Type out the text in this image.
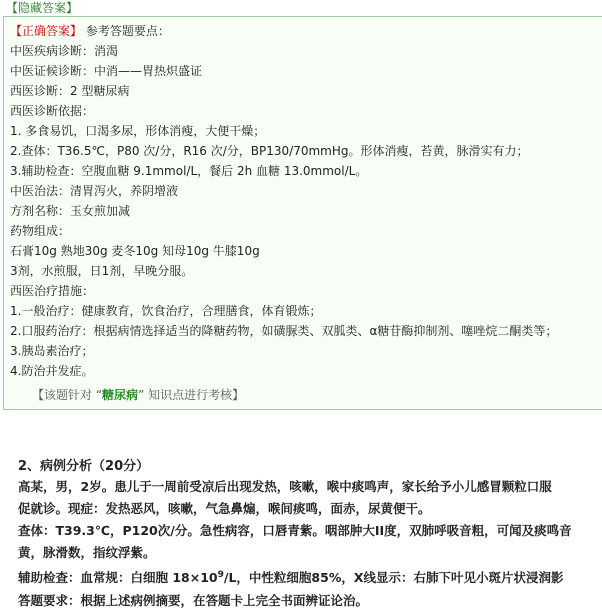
【隐藏答案】
【正确答案】 参考答题要点：
中医疾病诊断：消渴
中医证候诊断：中消——胃热炽盛证
西医诊断：2 型糖尿病
西医诊断依据：
1. 多食易饥，口渴多尿，形体消瘦，大便干燥；
2.查体：T36.5℃，P80 次/分，R16 次/分，BP130/70mmHg。形体消瘦，苔黄，脉滑实有力；
3.辅助检查：空腹血糖 9.1mmol/L，餐后 2h 血糖 13.0mmol/L。
中医治法：清胃泻火，养阴增液
方剂名称：玉女煎加减
药物组成：
石膏10g 熟地30g 麦冬10g 知母10g 牛膝10g
3剂，水煎服，日1剂，早晚分服。
西医治疗措施：
1.一般治疗：健康教育，饮食治疗，合理膳食，体育锻炼；
2.口服药治疗：根据病情选择适当的降糖药物，如磺脲类、双胍类、α糖苷酶抑制剂、噻唑烷二酮类等；
3.胰岛素治疗；
4.防治并发症。
【该题针对 “糖尿病” 知识点进行考核】
2、病例分析（20分）
高某，男，2岁。患儿于一周前受凉后出现发热，咳嗽，喉中痰鸣声，家长给予小儿感冒颗粒口服
促就诊。现症：发热恶风，咳嗽，气急鼻煽，喉间痰鸣，面赤，尿黄便干。
查体：T39.3℃，P120次/分。急性病容，口唇青紫。咽部肿大II度，双肺呼吸音粗，可闻及痰鸣音
黄，脉滑数，指纹浮紫。
辅助检查：血常规：白细胞 $18\times 10^9/L$，中性粒细胞85%，X线显示：右肺下叶见小斑片状浸润影
答题要求：根据上述病例摘要，在答题卡上完全书面辨证论治。
